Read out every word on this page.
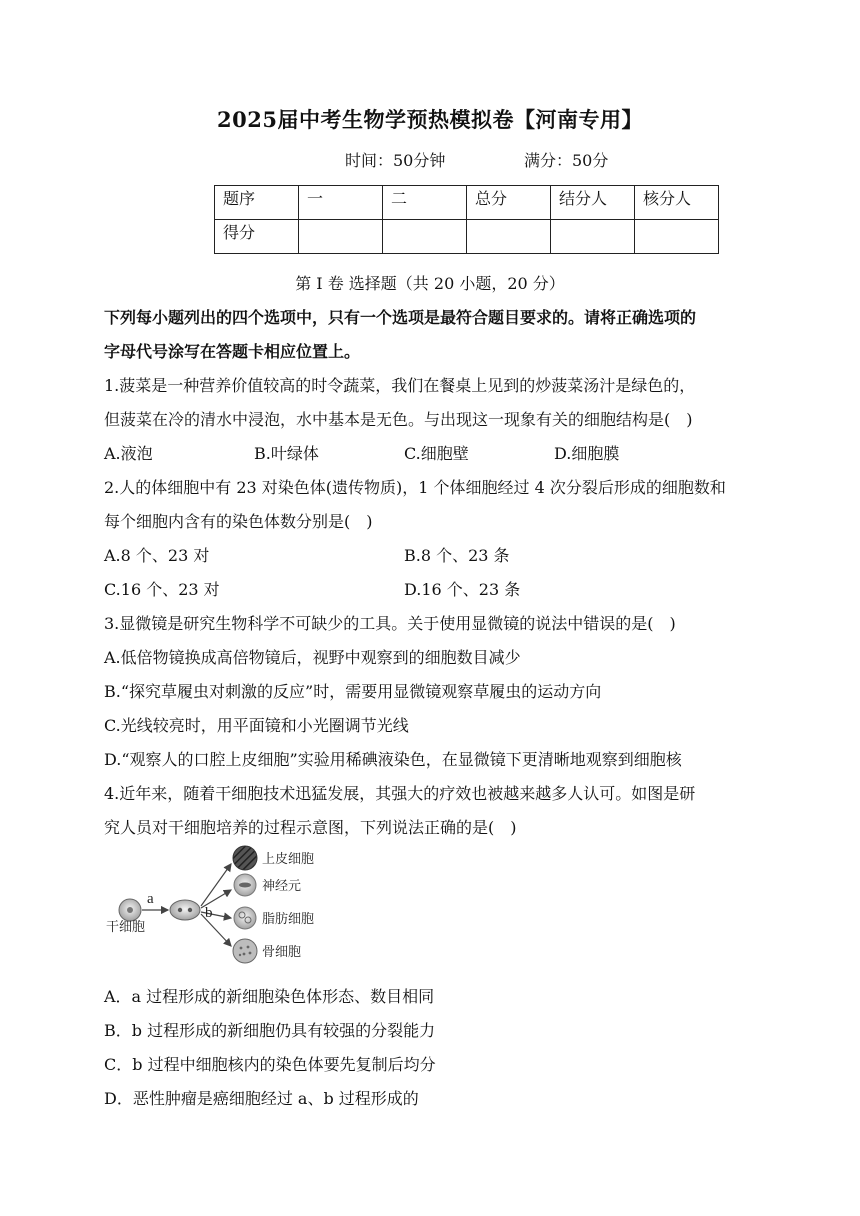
2025届中考生物学预热模拟卷【河南专用】
时间：50分钟	满分：50分
题序	一	二	总分	结分人	核分人
得分					
第 I 卷 选择题（共 20 小题，20 分）
下列每小题列出的四个选项中，只有一个选项是最符合题目要求的。请将正确选项的
字母代号涂写在答题卡相应位置上。
1.菠菜是一种营养价值较高的时令蔬菜，我们在餐桌上见到的炒菠菜汤汁是绿色的，
但菠菜在冷的清水中浸泡，水中基本是无色。与出现这一现象有关的细胞结构是(　)
A.液泡	B.叶绿体	C.细胞壁	D.细胞膜
2.人的体细胞中有 23 对染色体(遗传物质)，1 个体细胞经过 4 次分裂后形成的细胞数和
每个细胞内含有的染色体数分别是(　)
A.8 个、23 对	B.8 个、23 条
C.16 个、23 对	D.16 个、23 条
3.显微镜是研究生物科学不可缺少的工具。关于使用显微镜的说法中错误的是(　)
A.低倍物镜换成高倍物镜后，视野中观察到的细胞数目减少
B.“探究草履虫对刺激的反应”时，需要用显微镜观察草履虫的运动方向
C.光线较亮时，用平面镜和小光圈调节光线
D.“观察人的口腔上皮细胞”实验用稀碘液染色，在显微镜下更清晰地观察到细胞核
4.近年来，随着干细胞技术迅猛发展，其强大的疗效也被越来越多人认可。如图是研
究人员对干细胞培养的过程示意图，下列说法正确的是(　)
干细胞
a
b
上皮细胞
神经元
脂肪细胞
骨细胞
A．a 过程形成的新细胞染色体形态、数目相同
B．b 过程形成的新细胞仍具有较强的分裂能力
C．b 过程中细胞核内的染色体要先复制后均分
D．恶性肿瘤是癌细胞经过 a、b 过程形成的
